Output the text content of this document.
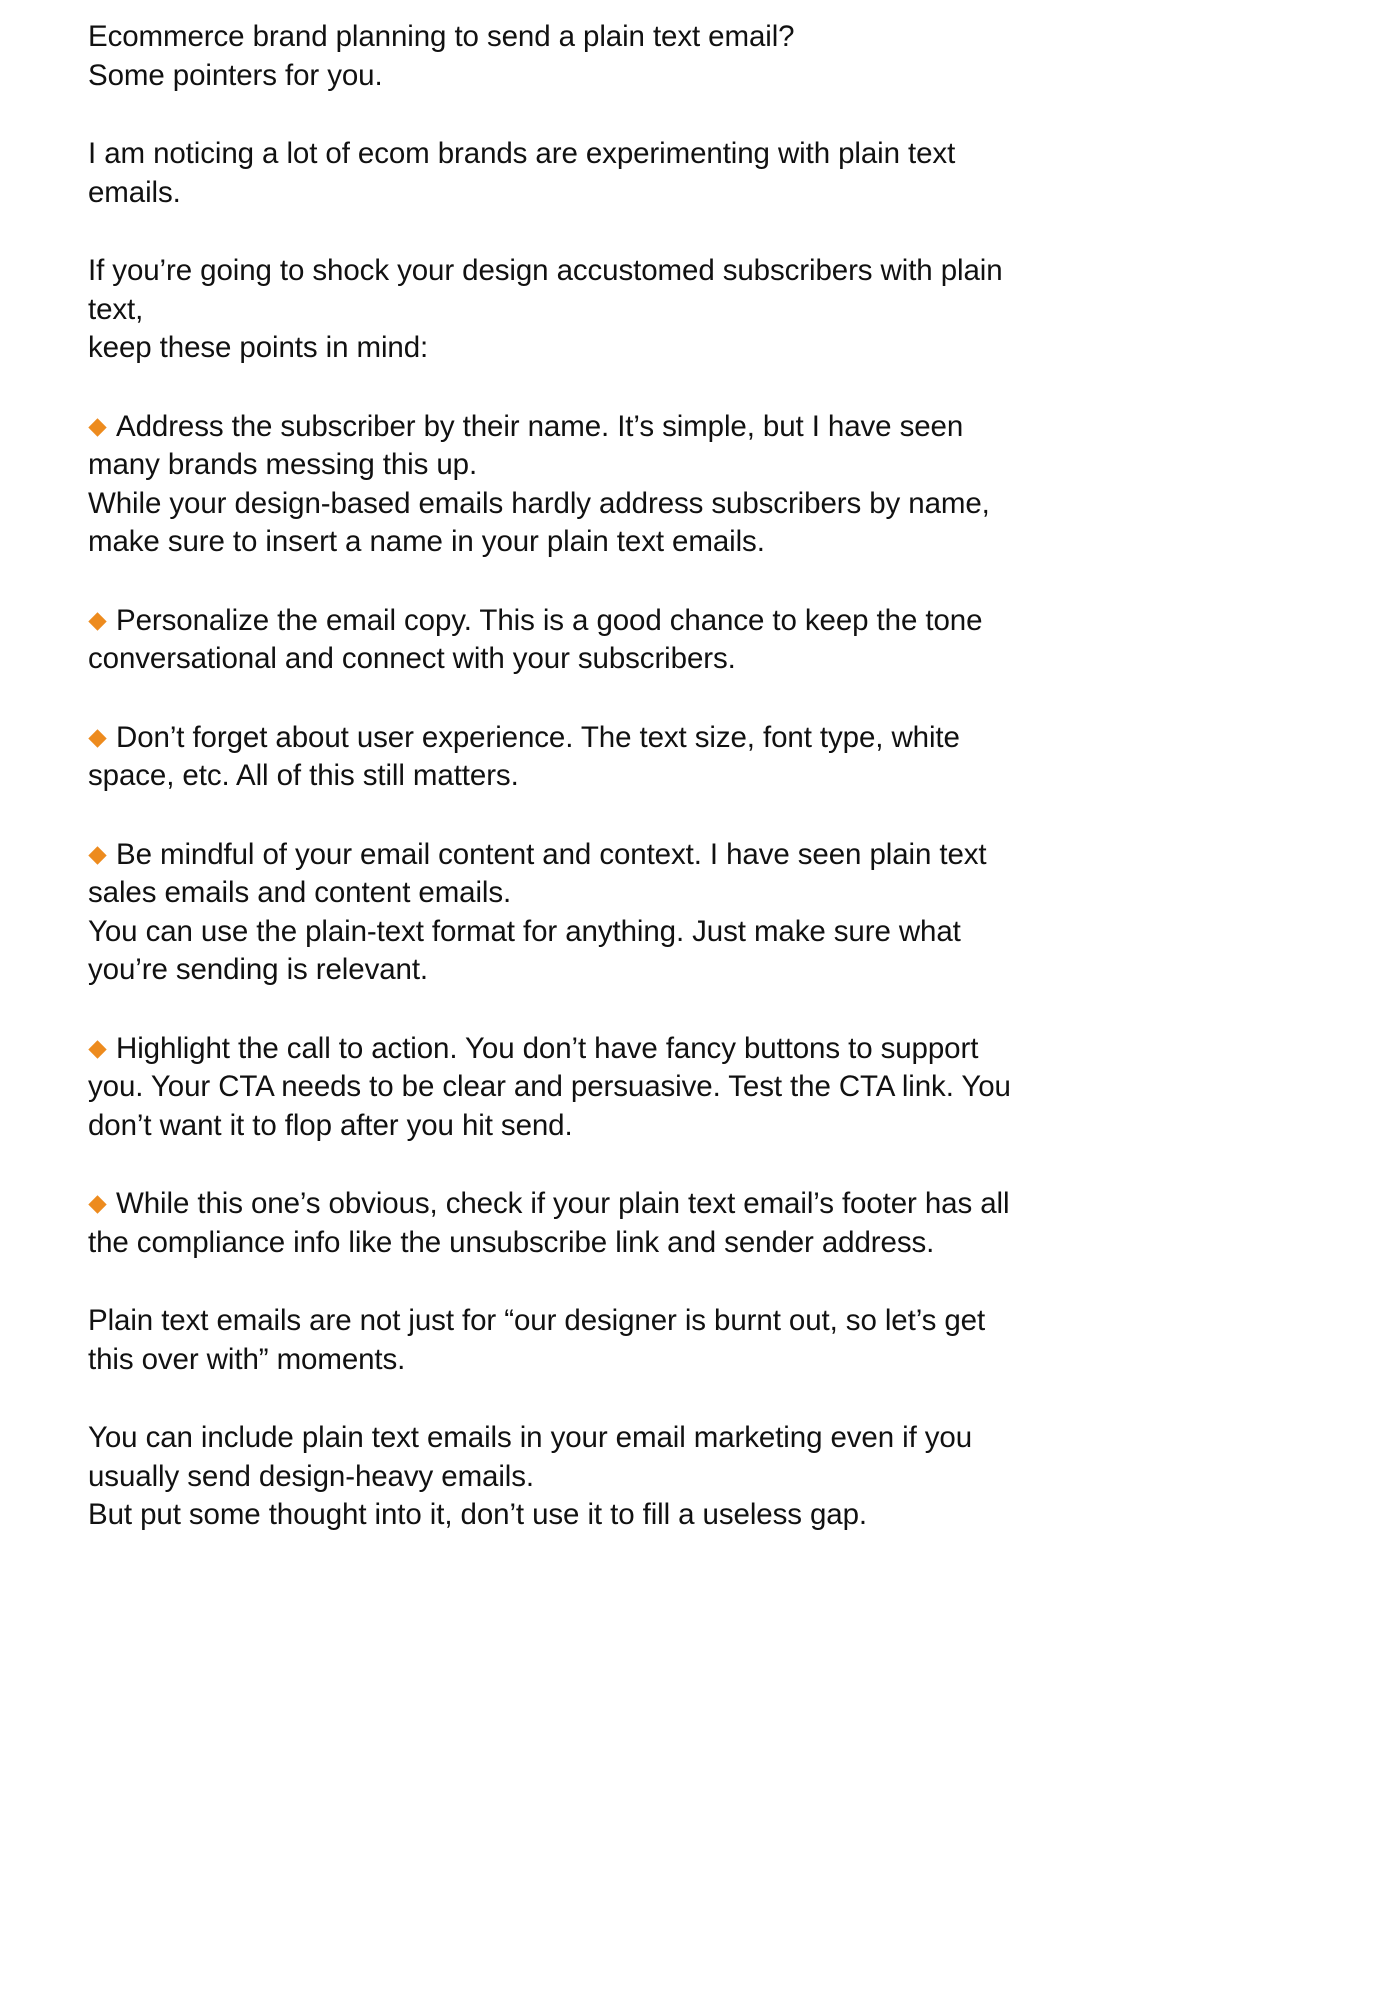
Ecommerce brand planning to send a plain text email?
Some pointers for you.

I am noticing a lot of ecom brands are experimenting with plain text emails.

If you’re going to shock your design accustomed subscribers with plain text,
keep these points in mind:
Address the subscriber by their name. It’s simple, but I have seen many brands messing this up.
While your design-based emails hardly address subscribers by name, make sure to insert a name in your plain text emails.
Personalize the email copy. This is a good chance to keep the tone conversational and connect with your subscribers.
Don’t forget about user experience. The text size, font type, white space, etc. All of this still matters.
Be mindful of your email content and context. I have seen plain text sales emails and content emails.
You can use the plain-text format for anything. Just make sure what you’re sending is relevant.
Highlight the call to action. You don’t have fancy buttons to support you. Your CTA needs to be clear and persuasive. Test the CTA link. You don’t want it to flop after you hit send.
While this one’s obvious, check if your plain text email’s footer has all the compliance info like the unsubscribe link and sender address.

Plain text emails are not just for “our designer is burnt out, so let’s get this over with” moments.

You can include plain text emails in your email marketing even if you usually send design-heavy emails.

But put some thought into it, don’t use it to fill a useless gap.
